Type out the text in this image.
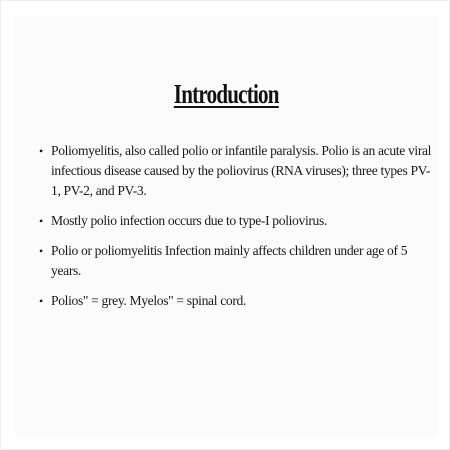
Introduction
• Poliomyelitis, also called polio or infantile paralysis. Polio is an acute viral infectious disease caused by the poliovirus (RNA viruses); three types PV-1, PV-2, and PV-3.
• Mostly polio infection occurs due to type-I poliovirus.
• Polio or poliomyelitis Infection mainly affects children under age of 5 years.
• Polios" = grey. Myelos" = spinal cord.
